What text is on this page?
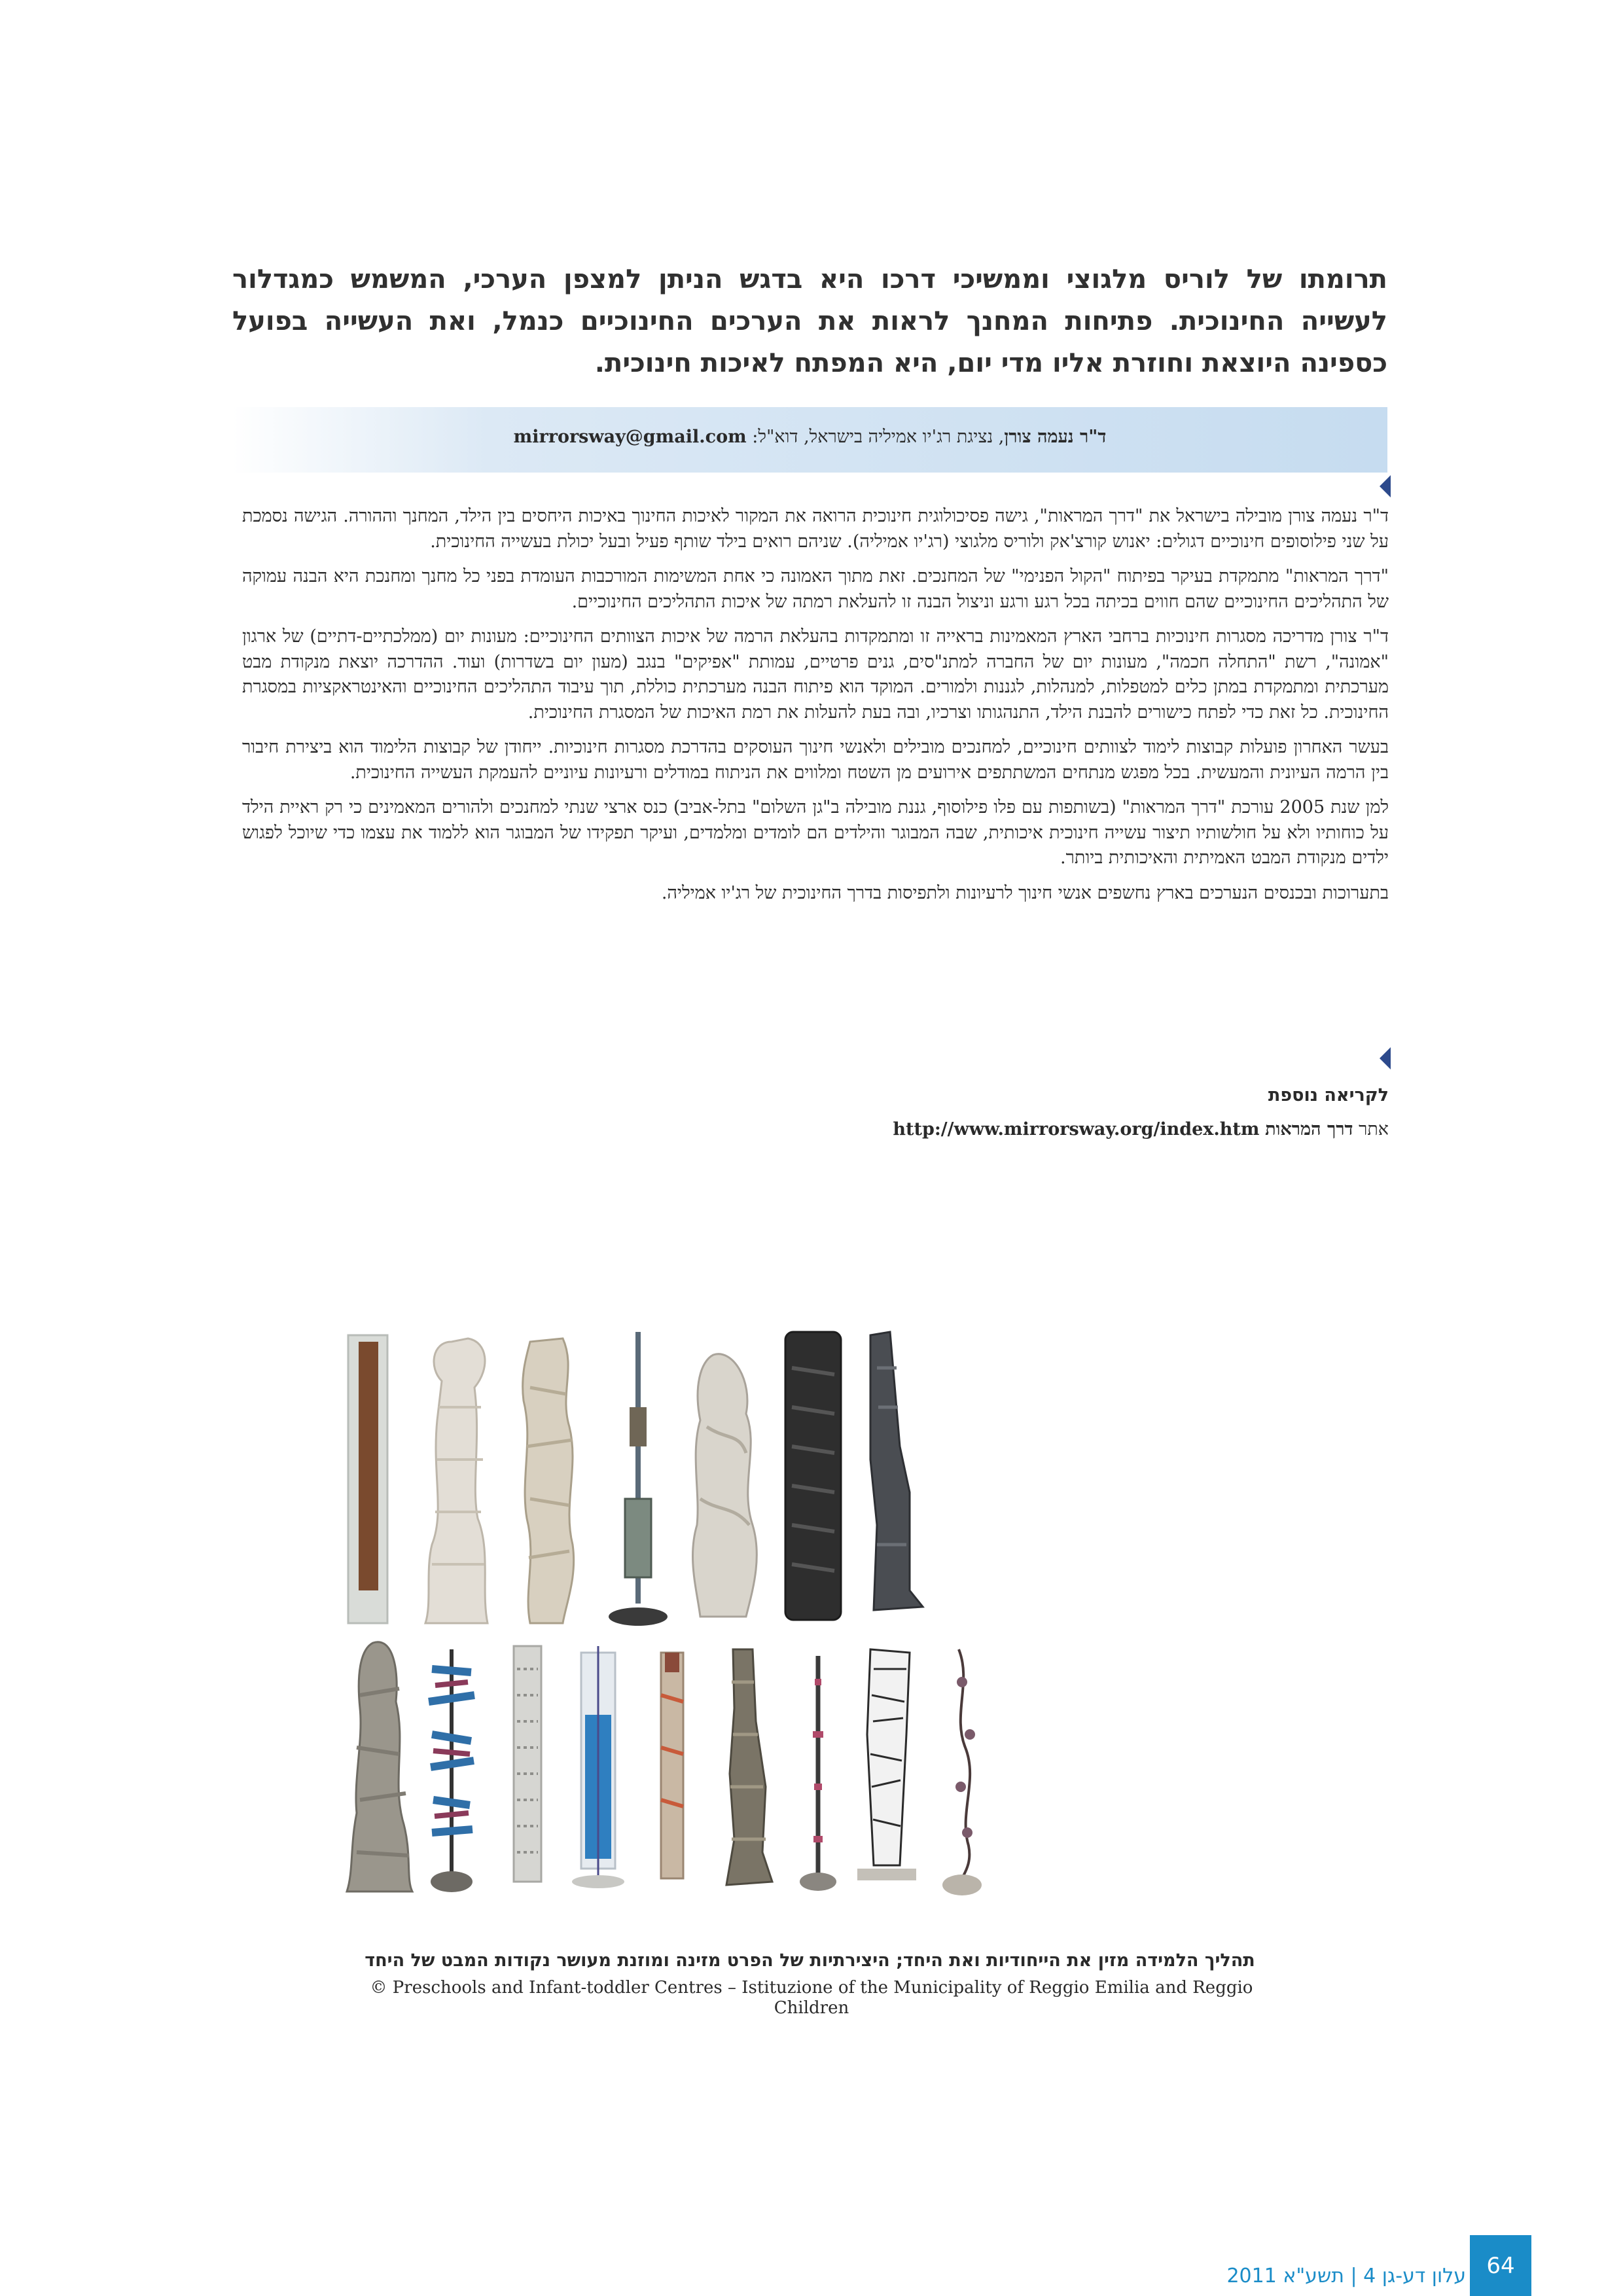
תרומתו של לוריס מלגוצי וממשיכי דרכו היא בדגש הניתן למצפן הערכי, המשמש כמגדלור לעשייה החינוכית. פתיחות המחנך לראות את הערכים החינוכיים כנמל, ואת העשייה בפועל כספינה היוצאת וחוזרת אליו מדי יום, היא המפתח לאיכות חינוכית.
ד"ר נעמה צורן, נציגת רג'יו אמיליה בישראל, דוא"ל: mirrorsway@gmail.com

ד"ר נעמה צורן מובילה בישראל את "דרך המראות", גישה פסיכולוגית חינוכית הרואה את המקור לאיכות החינוך באיכות היחסים בין הילד, המחנך וההורה. הגישה נסמכת על שני פילוסופים חינוכיים דגולים: יאנוש קורצ'אק ולוריס מלגוצי (רג'יו אמיליה). שניהם רואים בילד שותף פעיל ובעל יכולת בעשייה החינוכית.

"דרך המראות" מתמקדת בעיקר בפיתוח "הקול הפנימי" של המחנכים. זאת מתוך האמונה כי אחת המשימות המורכבות העומדת בפני כל מחנך ומחנכת היא הבנה עמוקה של התהליכים החינוכיים שהם חווים בכיתה בכל רגע ורגע וניצול הבנה זו להעלאת רמתה של איכות התהליכים החינוכיים.

ד"ר צורן מדריכה מסגרות חינוכיות ברחבי הארץ המאמינות בראייה זו ומתמקדות בהעלאת הרמה של איכות הצוותים החינוכיים: מעונות יום (ממלכתיים-דתיים) של ארגון "אמונה", רשת "התחלה חכמה", מעונות יום של החברה למתנ"סים, גנים פרטיים, עמותת "אפיקים" בנגב (מעון יום בשדרות) ועוד. ההדרכה יוצאת מנקודת מבט מערכתית ומתמקדת במתן כלים למטפלות, למנהלות, לגננות ולמורים. המוקד הוא פיתוח הבנה מערכתית כוללת, תוך עיבוד התהליכים החינוכיים והאינטראקציות במסגרת החינוכית. כל זאת כדי לפתח כישורים להבנת הילד, התנהגותו וצרכיו, ובה בעת להעלות את רמת האיכות של המסגרת החינוכית.

בעשר האחרון פועלות קבוצות לימוד לצוותים חינוכיים, למחנכים מובילים ולאנשי חינוך העוסקים בהדרכת מסגרות חינוכיות. ייחודן של קבוצות הלימוד הוא ביצירת חיבור בין הרמה העיונית והמעשית. בכל מפגש מנתחים המשתתפים אירועים מן השטח ומלווים את הניתוח במודלים ורעיונות עיוניים להעמקת העשייה החינוכית.

למן שנת 2005 עורכת "דרך המראות" (בשותפות עם פלו פילוסוף, גננת מובילה ב"גן השלום" בתל-אביב) כנס ארצי שנתי למחנכים ולהורים המאמינים כי רק ראיית הילד על כוחותיו ולא על חולשותיו תיצור עשייה חינוכית איכותית, שבה המבוגר והילדים הם לומדים ומלמדים, ועיקר תפקידו של המבוגר הוא ללמוד את עצמו כדי שיוכל לפגוש ילדים מנקודת המבט האמיתית והאיכותית ביותר.

בתערוכות ובכנסים הנערכים בארץ נחשפים אנשי חינוך לרעיונות ולתפיסות בדרך החינוכית של רג'יו אמיליה.

לקריאה נוספת
אתר דרך המראות http://www.mirrorsway.org/index.htm
תהליך הלמידה מזין את הייחודיות ואת היחד; היצירתיות של הפרט מזינה ומוזנת מעושר נקודות המבט של היחד
© Preschools and Infant-toddler Centres – Istituzione of the Municipality of Reggio Emilia and Reggio Children
עלון דע-גן 4 | תשע"א 2011 64
